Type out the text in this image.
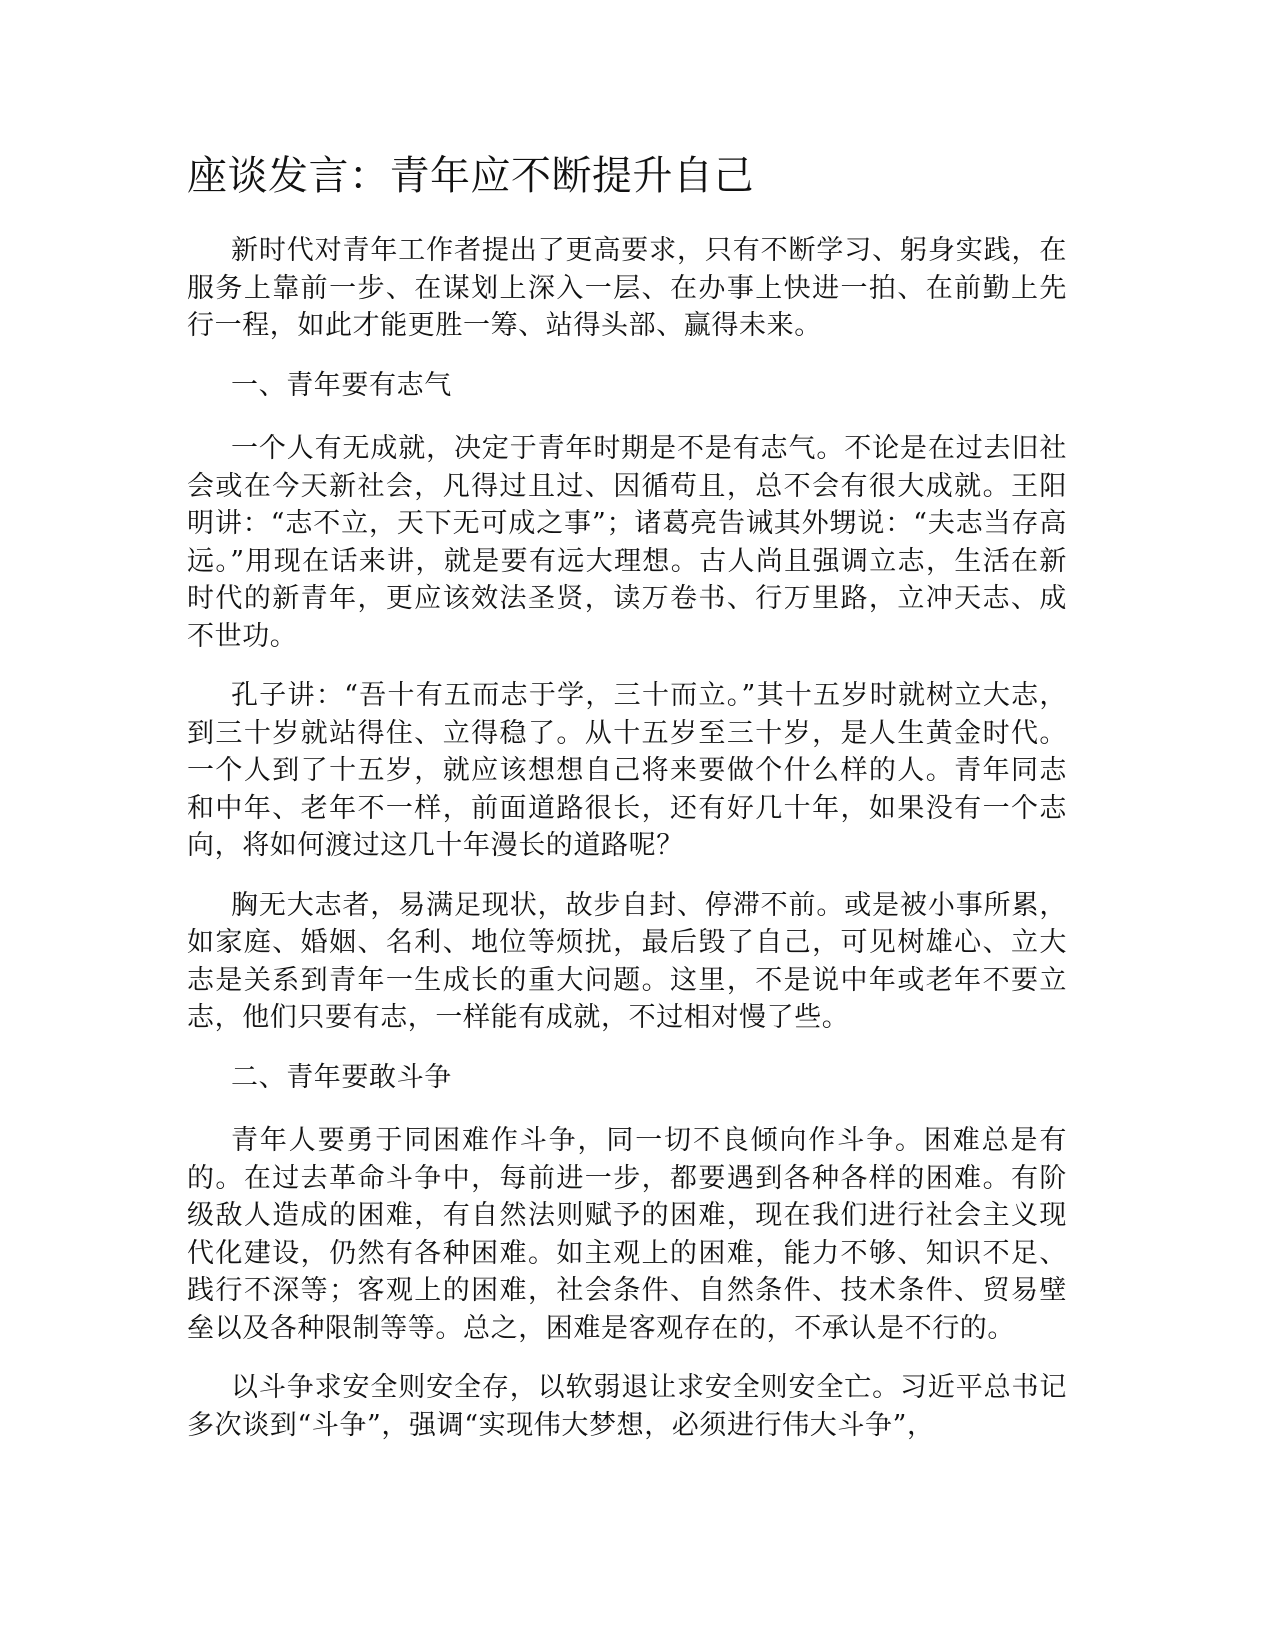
座谈发言：青年应不断提升自己

新时代对青年工作者提出了更高要求，只有不断学习、躬身实践，在服务上靠前一步、在谋划上深入一层、在办事上快进一拍、在前勤上先行一程，如此才能更胜一筹、站得头部、赢得未来。

一、青年要有志气

一个人有无成就，决定于青年时期是不是有志气。不论是在过去旧社会或在今天新社会，凡得过且过、因循苟且，总不会有很大成就。王阳明讲：“志不立，天下无可成之事”；诸葛亮告诫其外甥说：“夫志当存高远。”用现在话来讲，就是要有远大理想。古人尚且强调立志，生活在新时代的新青年，更应该效法圣贤，读万卷书、行万里路，立冲天志、成不世功。

孔子讲：“吾十有五而志于学，三十而立。”其十五岁时就树立大志，到三十岁就站得住、立得稳了。从十五岁至三十岁，是人生黄金时代。一个人到了十五岁，就应该想想自己将来要做个什么样的人。青年同志和中年、老年不一样，前面道路很长，还有好几十年，如果没有一个志向，将如何渡过这几十年漫长的道路呢？

胸无大志者，易满足现状，故步自封、停滞不前。或是被小事所累，如家庭、婚姻、名利、地位等烦扰，最后毁了自己，可见树雄心、立大志是关系到青年一生成长的重大问题。这里，不是说中年或老年不要立志，他们只要有志，一样能有成就，不过相对慢了些。

二、青年要敢斗争

青年人要勇于同困难作斗争，同一切不良倾向作斗争。困难总是有的。在过去革命斗争中，每前进一步，都要遇到各种各样的困难。有阶级敌人造成的困难，有自然法则赋予的困难，现在我们进行社会主义现代化建设，仍然有各种困难。如主观上的困难，能力不够、知识不足、践行不深等；客观上的困难，社会条件、自然条件、技术条件、贸易壁垒以及各种限制等等。总之，困难是客观存在的，不承认是不行的。

以斗争求安全则安全存，以软弱退让求安全则安全亡。习近平总书记多次谈到“斗争”，强调“实现伟大梦想，必须进行伟大斗争”，
